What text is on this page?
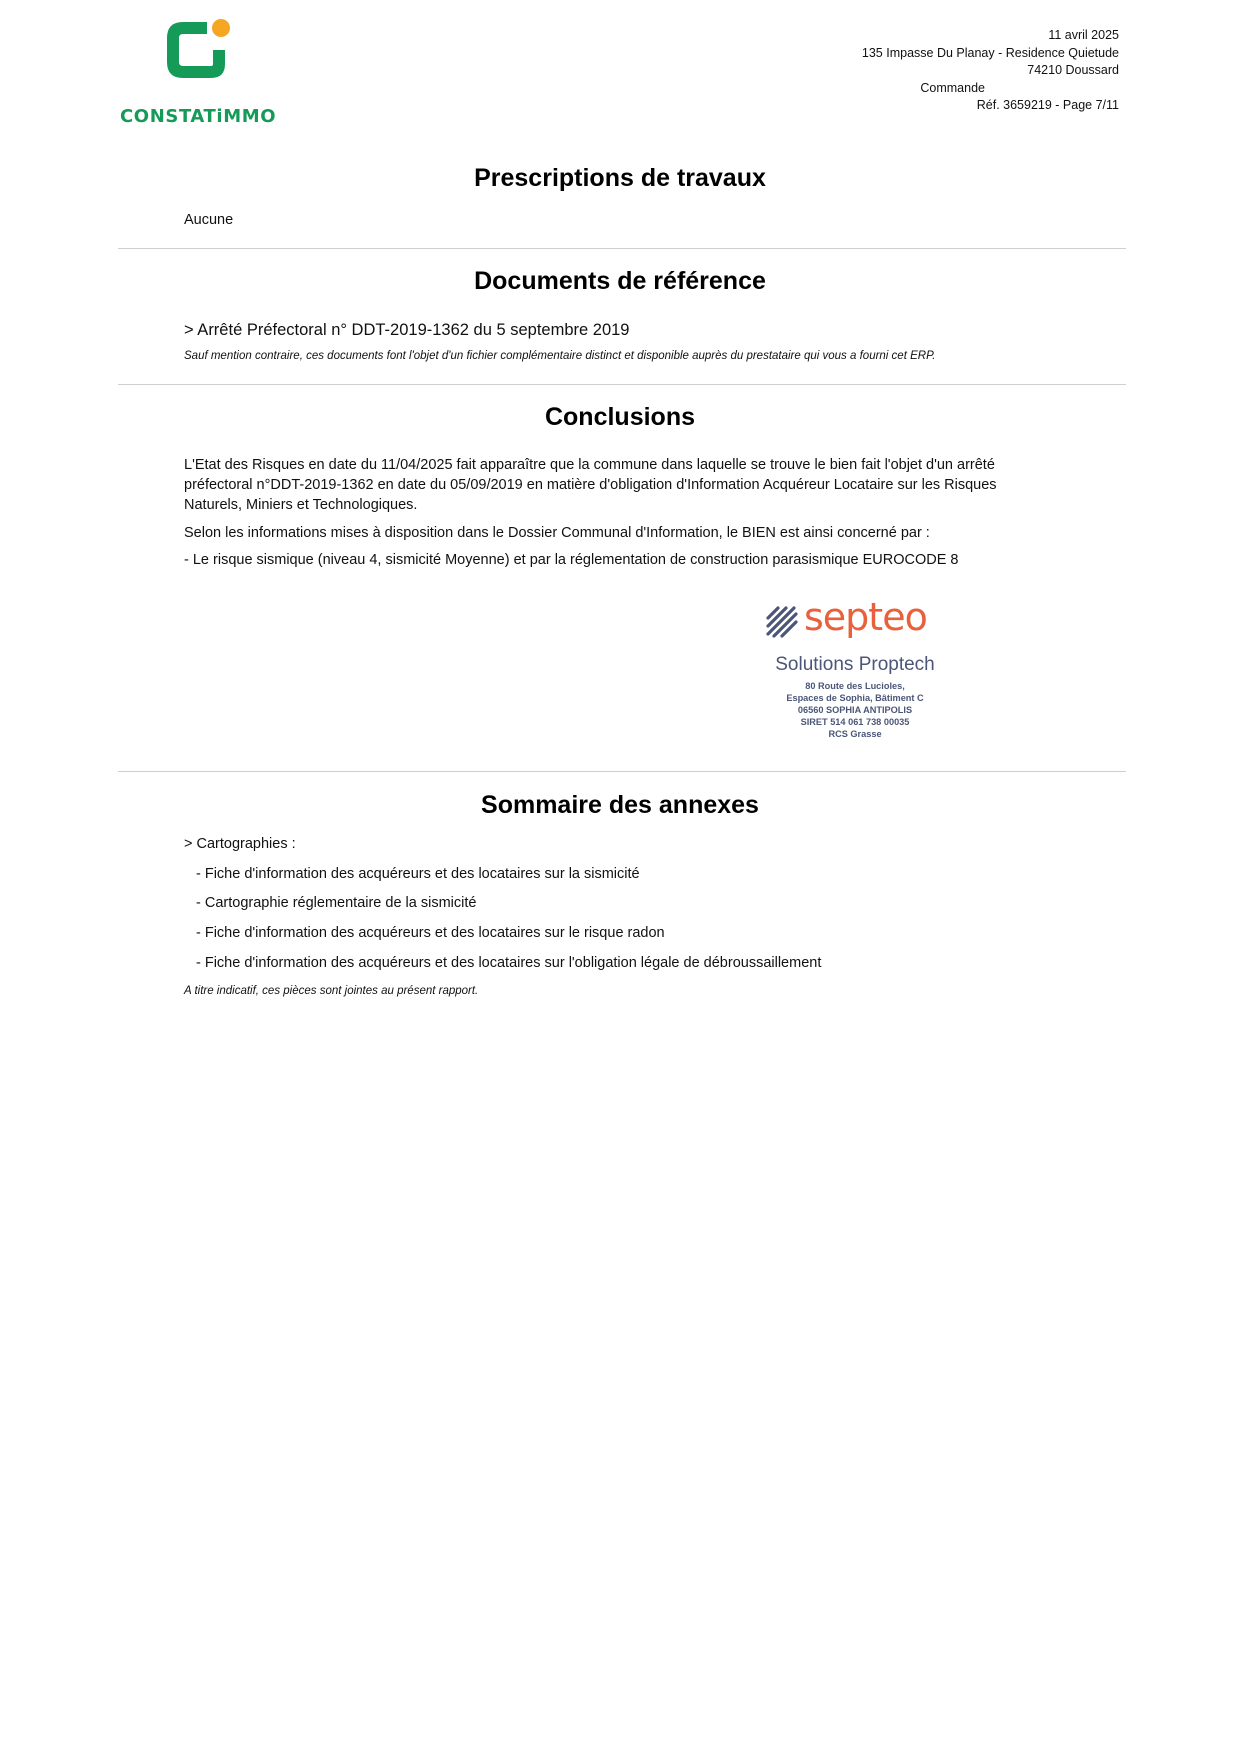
CONSTATiMMO
11 avril 2025
135 Impasse Du Planay - Residence Quietude
74210 Doussard
Commande
Réf. 3659219 - Page 7/11
Prescriptions de travaux
Aucune
Documents de référence
> Arrêté Préfectoral n° DDT-2019-1362 du 5 septembre 2019
Sauf mention contraire, ces documents font l'objet d'un fichier complémentaire distinct et disponible auprès du prestataire qui vous a fourni cet ERP.
Conclusions

L'Etat des Risques en date du 11/04/2025 fait apparaître que la commune dans laquelle se trouve le bien fait l'objet d'un arrêté préfectoral n°DDT-2019-1362 en date du 05/09/2019 en matière d'obligation d'Information Acquéreur Locataire sur les Risques Naturels, Miniers et Technologiques.

Selon les informations mises à disposition dans le Dossier Communal d'Information, le BIEN est ainsi concerné par :

- Le risque sismique (niveau 4, sismicité Moyenne) et par la réglementation de construction parasismique EUROCODE 8

septeo
Solutions Proptech
80 Route des Lucioles,
Espaces de Sophia, Bâtiment C
06560 SOPHIA ANTIPOLIS
SIRET 514 061 738 00035
RCS Grasse
Sommaire des annexes
> Cartographies :
- Fiche d'information des acquéreurs et des locataires sur la sismicité
- Cartographie réglementaire de la sismicité
- Fiche d'information des acquéreurs et des locataires sur le risque radon
- Fiche d'information des acquéreurs et des locataires sur l'obligation légale de débroussaillement
A titre indicatif, ces pièces sont jointes au présent rapport.
